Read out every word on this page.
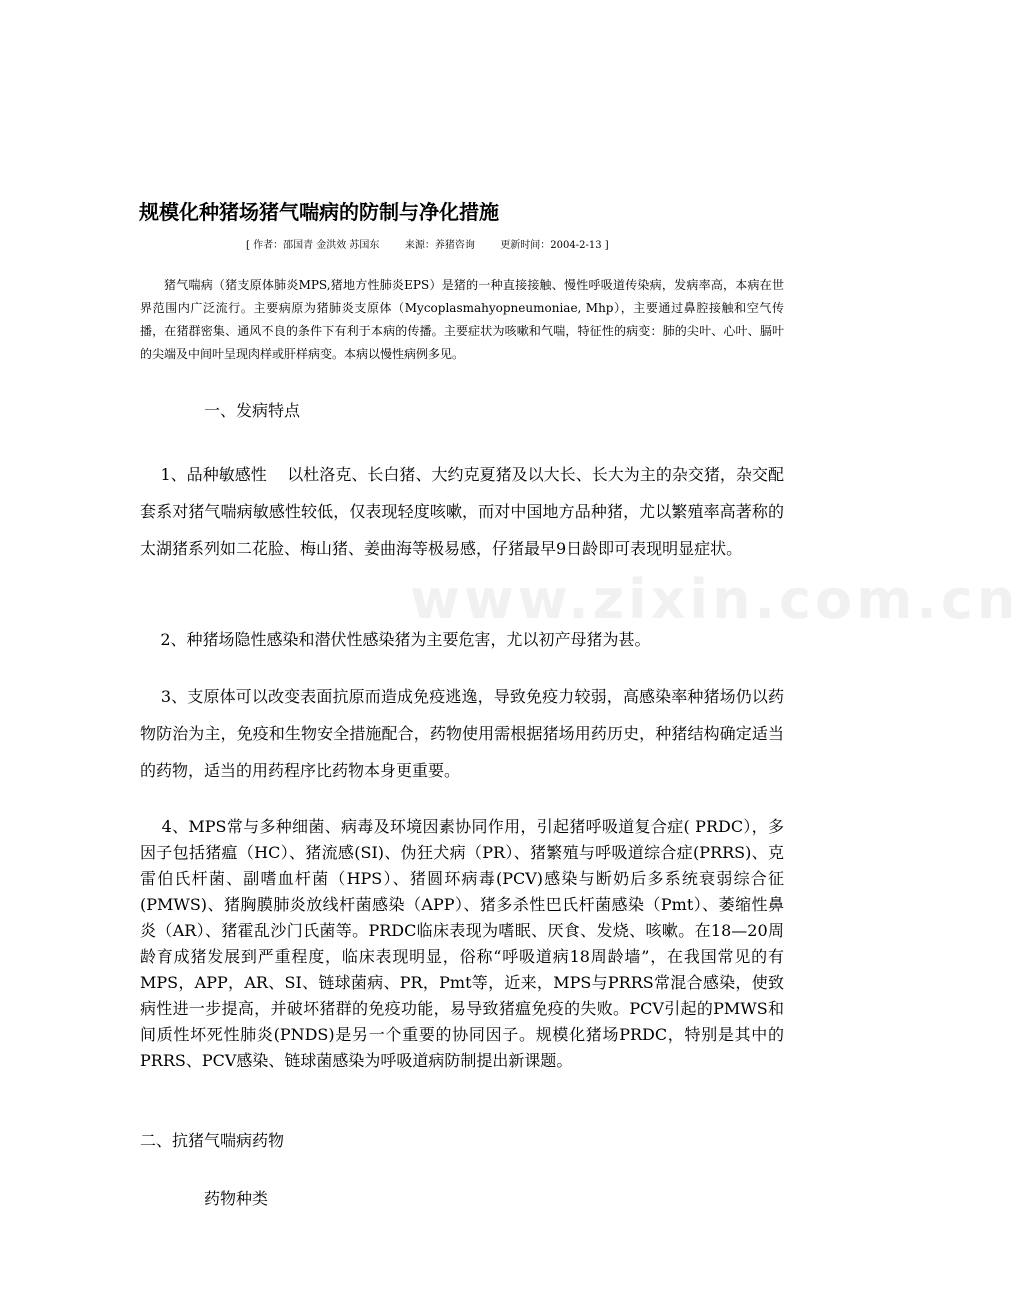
www.zixin.com.cn
规模化种猪场猪气喘病的防制与净化措施
[ 作者：邵国青 金洪效 苏国东        来源：养猪咨询        更新时间：2004-2-13 ]

猪气喘病（猪支原体肺炎MPS,猪地方性肺炎EPS）是猪的一种直接接触、慢性呼吸道传染病，发病率高，本病在世界范围内广泛流行。主要病原为猪肺炎支原体（Mycoplasmahyopneumoniae, Mhp），主要通过鼻腔接触和空气传播，在猪群密集、通风不良的条件下有利于本病的传播。主要症状为咳嗽和气喘，特征性的病变：肺的尖叶、心叶、膈叶的尖端及中间叶呈现肉样或肝样病变。本病以慢性病例多见。

一、发病特点

1、品种敏感性    以杜洛克、长白猪、大约克夏猪及以大长、长大为主的杂交猪，杂交配套系对猪气喘病敏感性较低，仅表现轻度咳嗽，而对中国地方品种猪，尤以繁殖率高著称的太湖猪系列如二花脸、梅山猪、姜曲海等极易感，仔猪最早9日龄即可表现明显症状。

2、种猪场隐性感染和潜伏性感染猪为主要危害，尤以初产母猪为甚。

3、支原体可以改变表面抗原而造成免疫逃逸，导致免疫力较弱，高感染率种猪场仍以药物防治为主，免疫和生物安全措施配合，药物使用需根据猪场用药历史，种猪结构确定适当的药物，适当的用药程序比药物本身更重要。

4、MPS常与多种细菌、病毒及环境因素协同作用，引起猪呼吸道复合症( PRDC），多因子包括猪瘟（HC）、猪流感(SI)、伪狂犬病（PR）、猪繁殖与呼吸道综合症(PRRS)、克雷伯氏杆菌、副嗜血杆菌（HPS）、猪圆环病毒(PCV)感染与断奶后多系统衰弱综合征(PMWS)、猪胸膜肺炎放线杆菌感染（APP）、猪多杀性巴氏杆菌感染（Pmt）、萎缩性鼻炎（AR）、猪霍乱沙门氏菌等。PRDC临床表现为嗜眠、厌食、发烧、咳嗽。在18—20周龄育成猪发展到严重程度，临床表现明显，俗称“呼吸道病18周龄墙”，在我国常见的有MPS，APP，AR、SI、链球菌病、PR，Pmt等，近来，MPS与PRRS常混合感染，使致病性进一步提高，并破坏猪群的免疫功能，易导致猪瘟免疫的失败。PCV引起的PMWS和间质性坏死性肺炎(PNDS)是另一个重要的协同因子。规模化猪场PRDC，特别是其中的PRRS、PCV感染、链球菌感染为呼吸道病防制提出新课题。

二、抗猪气喘病药物
药物种类
